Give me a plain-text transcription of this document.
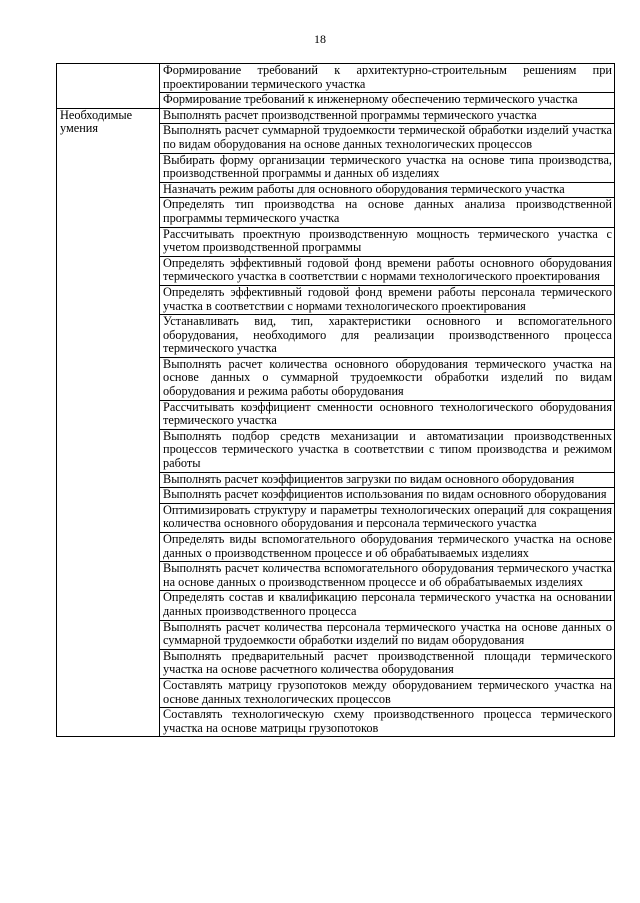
18
	Формирование требований к архитектурно-строительным решениям при проектировании термического участка
	Формирование требований к инженерному обеспечению термического участка
Необходимые умения	Выполнять расчет производственной программы термического участка
	Выполнять расчет суммарной трудоемкости термической обработки изделий участка по видам оборудования на основе данных технологических процессов
	Выбирать форму организации термического участка на основе типа производства, производственной программы и данных об изделиях
	Назначать режим работы для основного оборудования термического участка
	Определять тип производства на основе данных анализа производственной программы термического участка
	Рассчитывать проектную производственную мощность термического участка с учетом производственной программы
	Определять эффективный годовой фонд времени работы основного оборудования термического участка в соответствии с нормами технологического проектирования
	Определять эффективный годовой фонд времени работы персонала термического участка в соответствии с нормами технологического проектирования
	Устанавливать вид, тип, характеристики основного и вспомогательного оборудования, необходимого для реализации производственного процесса термического участка
	Выполнять расчет количества основного оборудования термического участка на основе данных о суммарной трудоемкости обработки изделий по видам оборудования и режима работы оборудования
	Рассчитывать коэффициент сменности основного технологического оборудования термического участка
	Выполнять подбор средств механизации и автоматизации производственных процессов термического участка в соответствии с типом производства и режимом работы
	Выполнять расчет коэффициентов загрузки по видам основного оборудования
	Выполнять расчет коэффициентов использования по видам основного оборудования
	Оптимизировать структуру и параметры технологических операций для сокращения количества основного оборудования и персонала термического участка
	Определять виды вспомогательного оборудования термического участка на основе данных о производственном процессе и об обрабатываемых изделиях
	Выполнять расчет количества вспомогательного оборудования термического участка на основе данных о производственном процессе и об обрабатываемых изделиях
	Определять состав и квалификацию персонала термического участка на основании данных производственного процесса
	Выполнять расчет количества персонала термического участка на основе данных о суммарной трудоемкости обработки изделий по видам оборудования
	Выполнять предварительный расчет производственной площади термического участка на основе расчетного количества оборудования
	Составлять матрицу грузопотоков между оборудованием термического участка на основе данных технологических процессов
	Составлять технологическую схему производственного процесса термического участка на основе матрицы грузопотоков
